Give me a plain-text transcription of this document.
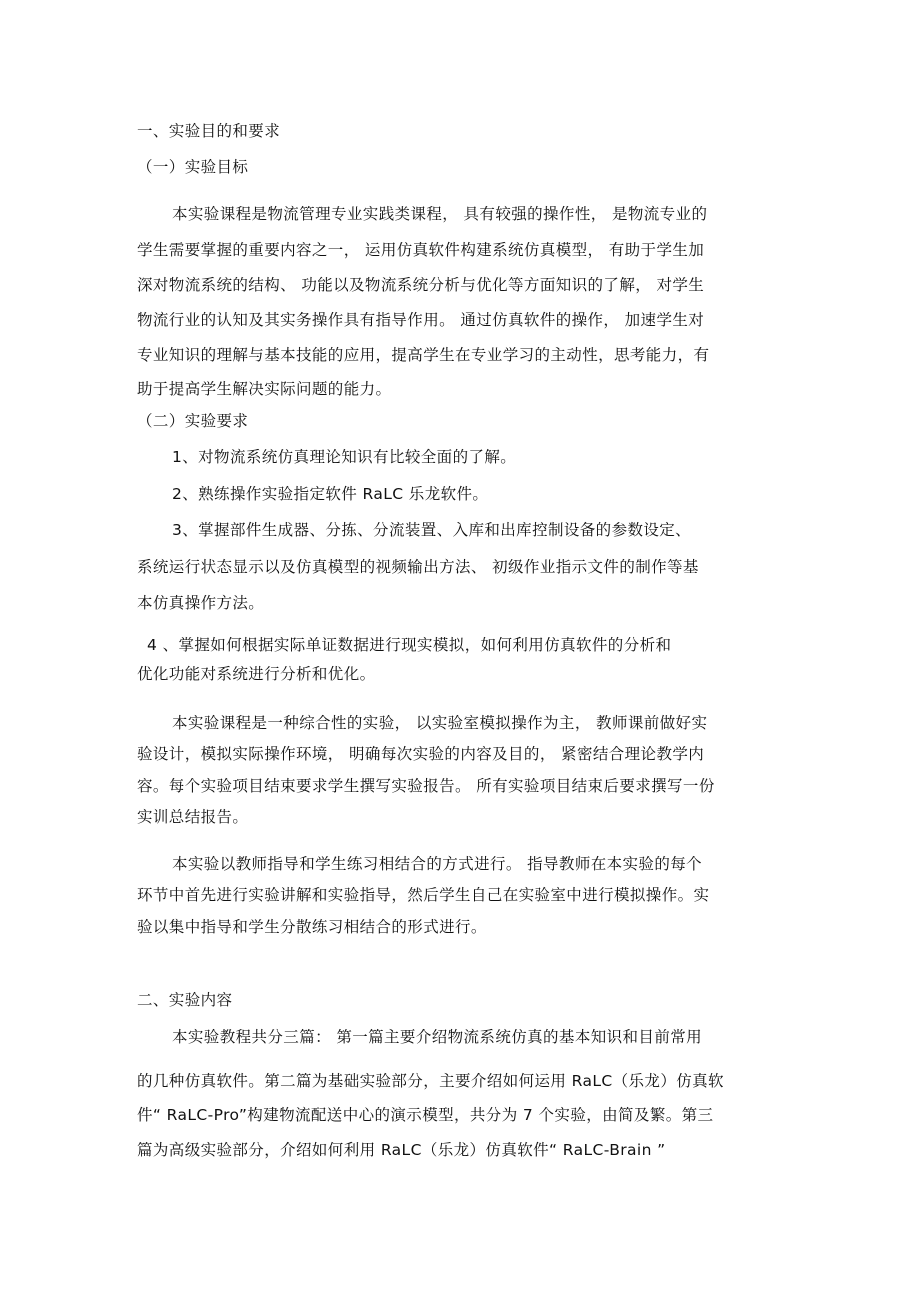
一、实验目的和要求
（一）实验目标
本实验课程是物流管理专业实践类课程， 具有较强的操作性， 是物流专业的
学生需要掌握的重要内容之一， 运用仿真软件构建系统仿真模型， 有助于学生加
深对物流系统的结构、 功能以及物流系统分析与优化等方面知识的了解， 对学生
物流行业的认知及其实务操作具有指导作用。 通过仿真软件的操作， 加速学生对
专业知识的理解与基本技能的应用，提高学生在专业学习的主动性，思考能力，有
助于提高学生解决实际问题的能力。
（二）实验要求
1、对物流系统仿真理论知识有比较全面的了解。
2、熟练操作实验指定软件 RaLC 乐龙软件。
3、掌握部件生成器、分拣、分流装置、入库和出库控制设备的参数设定、
系统运行状态显示以及仿真模型的视频输出方法、 初级作业指示文件的制作等基
本仿真操作方法。
4 、掌握如何根据实际单证数据进行现实模拟，如何利用仿真软件的分析和
优化功能对系统进行分析和优化。
本实验课程是一种综合性的实验， 以实验室模拟操作为主， 教师课前做好实
验设计，模拟实际操作环境， 明确每次实验的内容及目的， 紧密结合理论教学内
容。每个实验项目结束要求学生撰写实验报告。 所有实验项目结束后要求撰写一份
实训总结报告。
本实验以教师指导和学生练习相结合的方式进行。 指导教师在本实验的每个
环节中首先进行实验讲解和实验指导，然后学生自己在实验室中进行模拟操作。实
验以集中指导和学生分散练习相结合的形式进行。
二、实验内容
本实验教程共分三篇： 第一篇主要介绍物流系统仿真的基本知识和目前常用
的几种仿真软件。第二篇为基础实验部分，主要介绍如何运用 RaLC（乐龙）仿真软
件“ RaLC-Pro”构建物流配送中心的演示模型，共分为 7 个实验，由简及繁。第三
篇为高级实验部分，介绍如何利用 RaLC（乐龙）仿真软件“ RaLC-Brain ”
